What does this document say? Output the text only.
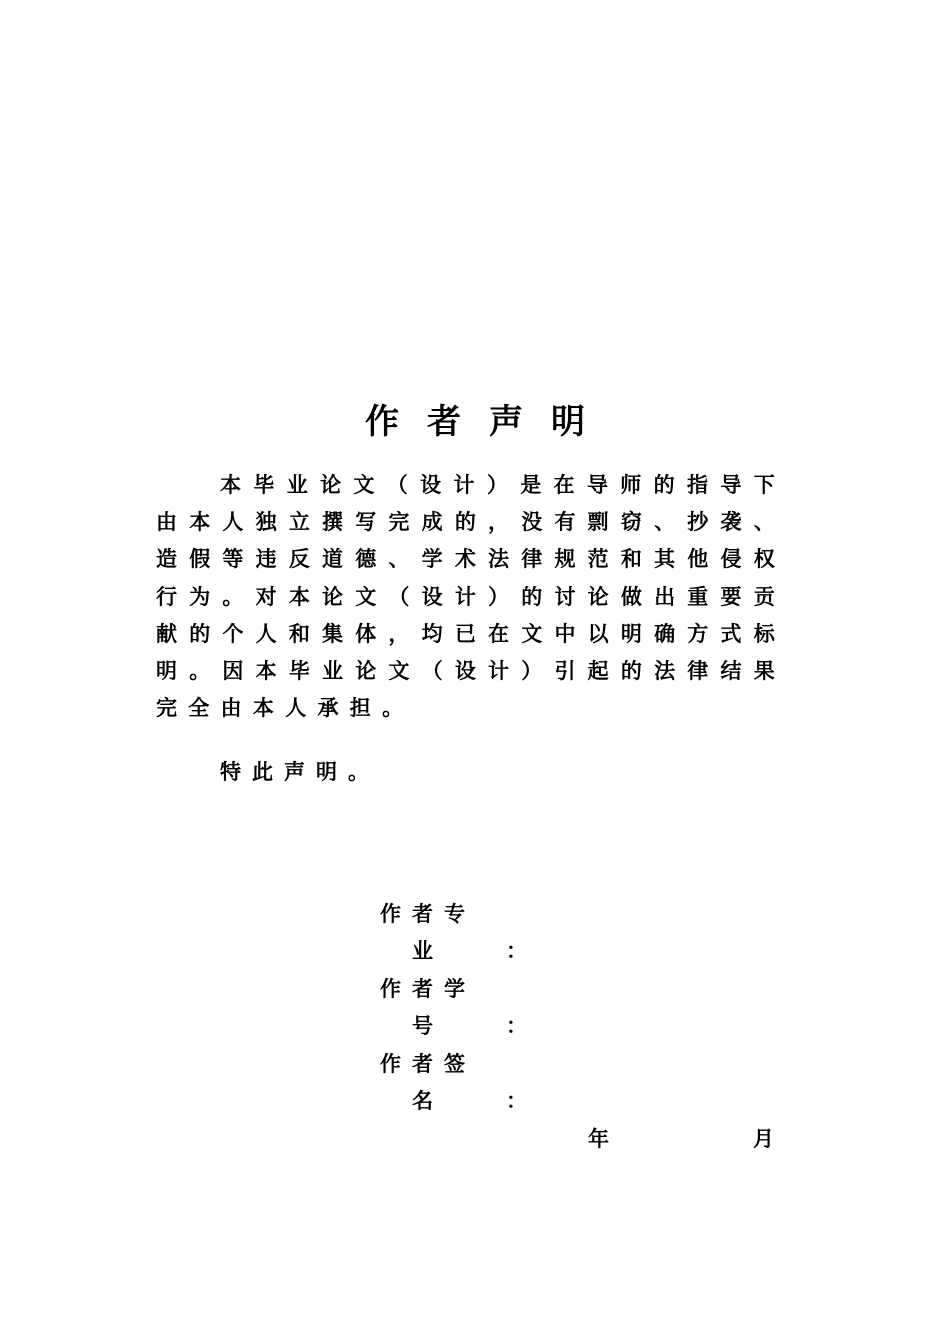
作者声明

本毕业论文（设计）是在导师的指导下由本人独立撰写完成的，没有剽窃、抄袭、造假等违反道德、学术法律规范和其他侵权行为。对本论文（设计）的讨论做出重要贡献的个人和集体，均已在文中以明确方式标明。因本毕业论文（设计）引起的法律结果完全由本人承担。

特此声明。

作者专
业	：
作者学
号	：
作者签
名	：
年	月
